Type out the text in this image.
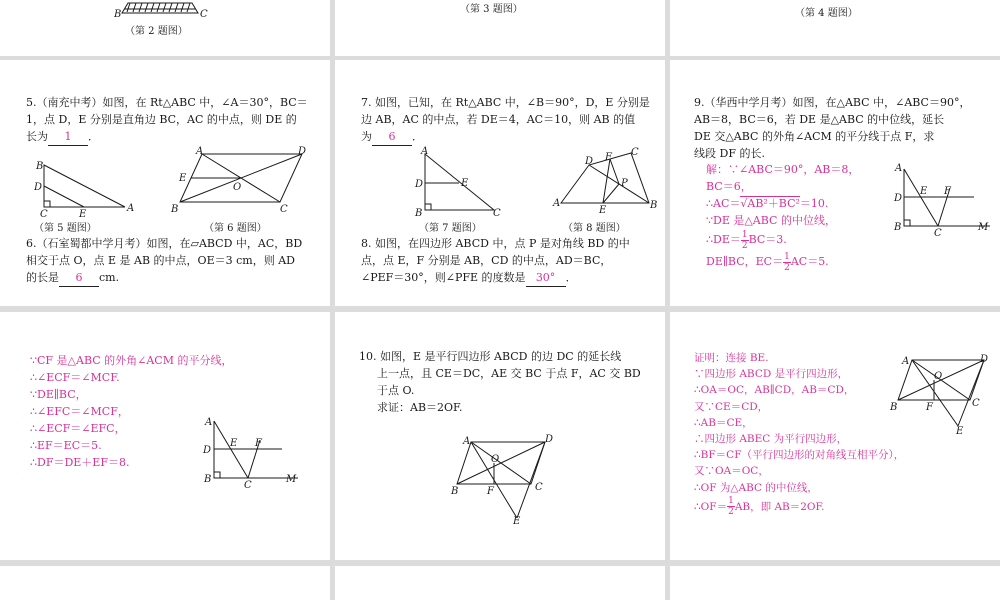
B	C
（第 2 题图）
（第 3 题图）	（第 4 题图）
5.（南充中考）如图，在 Rt△ABC 中，∠A＝30°，BC＝
1，点 D，E 分别是直角边 BC，AC 的中点，则 DE 的
长为 1 ．
B
D
C	E
A
（第 5 题图）
A	D
E
O
B	C
（第 6 题图）
6.（石室蜀都中学月考）如图，在▱ABCD 中，AC，BD
相交于点 O，点 E 是 AB 的中点，OE＝3 cm，则 AD
的长是 6 cm.
7. 如图，已知，在 Rt△ABC 中，∠B＝90°，D，E 分别是
边 AB，AC 的中点，若 DE＝4，AC＝10，则 AB 的值
为 6 ．
A
D	E
B	C
（第 7 题图）
A
F C
P
D
E	B
（第 8 题图）
8. 如图，在四边形 ABCD 中，点 P 是对角线 BD 的中
点，点 E，F 分别是 AB，CD 的中点，AD＝BC，
∠PEF＝30°，则∠PFE 的度数是 30° ．
9.（华西中学月考）如图，在△ABC 中，∠ABC＝90°，
AB＝8，BC＝6，若 DE 是△ABC 的中位线，延长
DE 交△ABC 的外角∠ACM 的平分线于点 F，求
线段 DF 的长.
解：∵∠ABC＝90°，AB＝8，
BC＝6，
∴AC＝√AB²＋BC²＝10.
∵DE 是△ABC 的中位线，
∴DE＝ $\frac{1}{2} BC=3$.
DE∥BC，$EC= \frac{1}{2} AC=5$.
A
D
E F
B
C
M
∵CF 是△ABC 的外角∠ACM 的平分线，
∴∠ECF＝∠MCF.
∵DE∥BC，
∴∠EFC＝∠MCF，
∴∠ECF＝∠EFC，
∴EF＝EC＝5.
∴DF＝DE＋EF＝8.
A
D
E F
B
C
M
10. 如图，E 是平行四边形 ABCD 的边 DC 的延长线
上一点，且 CE＝DC，AE 交 BC 于点 F，AC 交 BD
于点 O.
求证：AB＝2OF.
A	D
O
B	F	C
E
证明：连接 BE.
∵四边形 ABCD 是平行四边形，
∴OA＝OC，AB∥CD，AB＝CD，
又∵CE＝CD，
∴AB＝CE，
∴四边形 ABEC 为平行四边形，
∴BF＝CF（平行四边形的对角线互相平分），
又∵OA＝OC，
∴OF 为△ABC 的中位线，
∴OF＝ $\frac{1}{2}$ AB，即 AB＝2OF.
A	D
O
B	F	C
E
